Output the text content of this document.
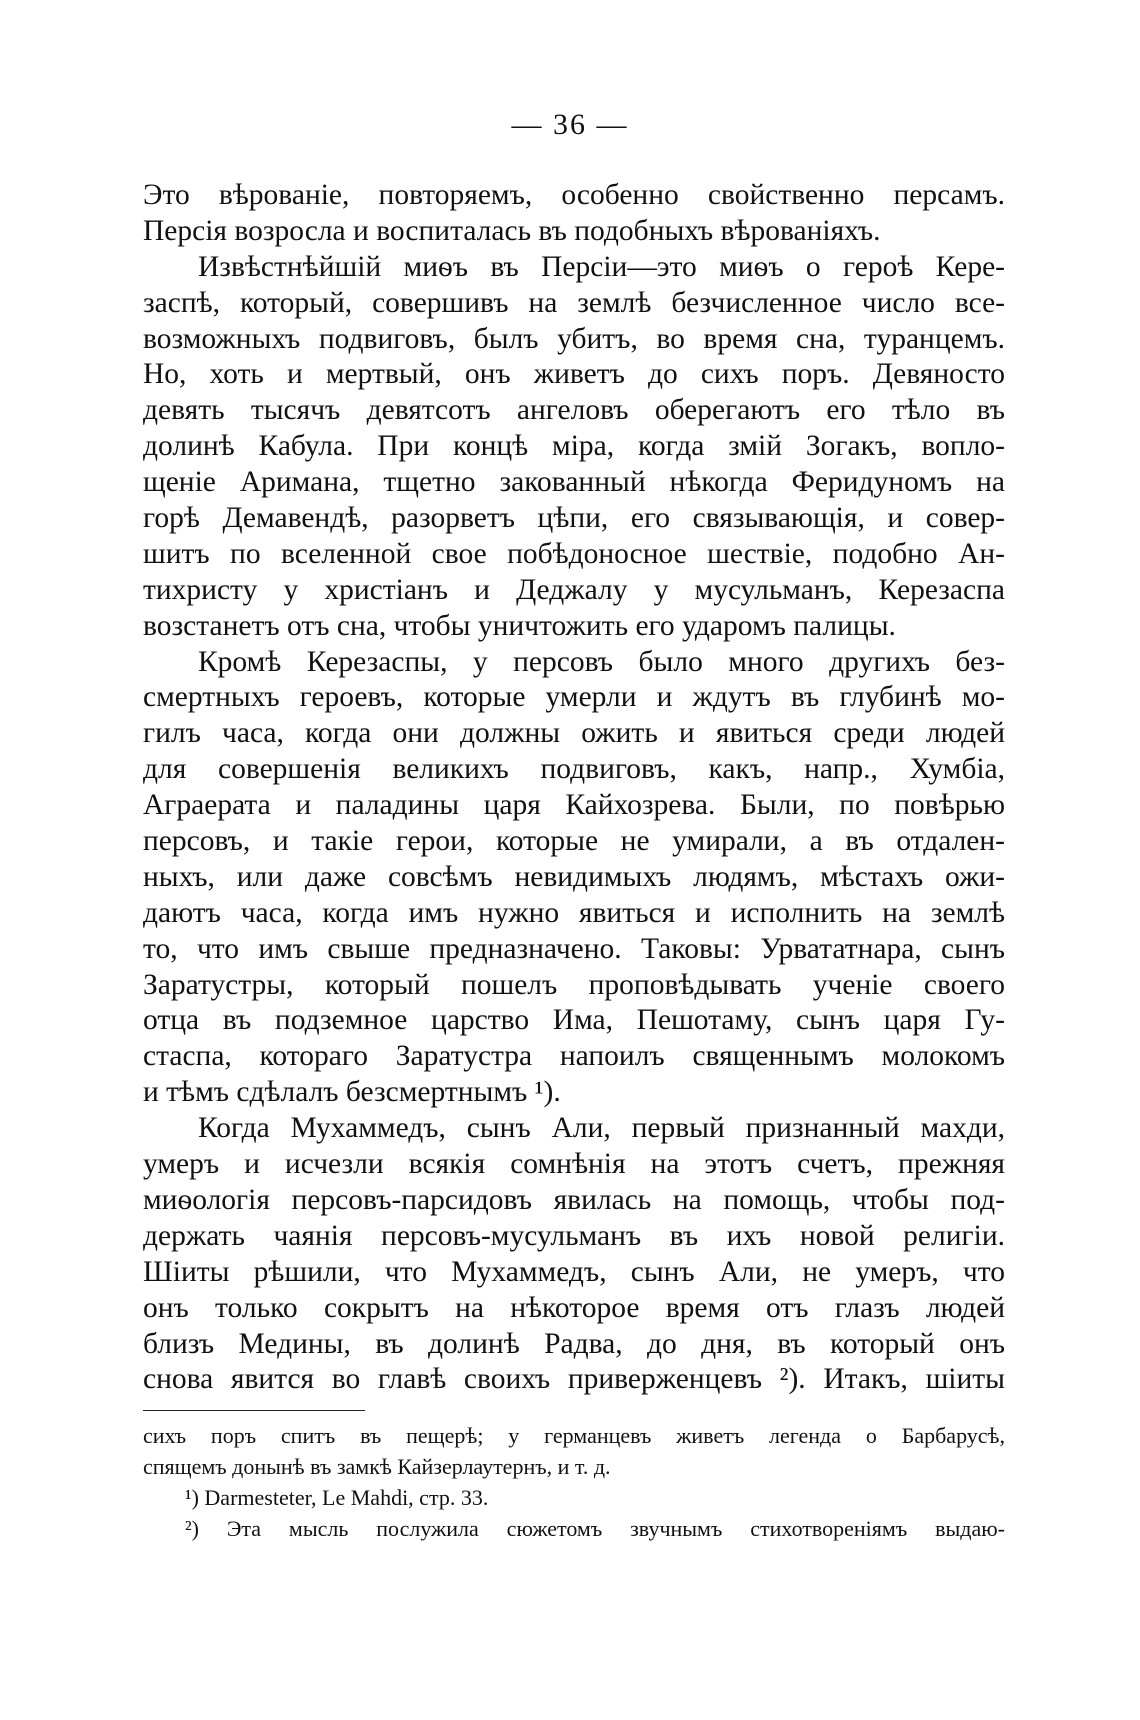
— 36 —
Это вѣрованіе, повторяемъ, особенно свойственно персамъ.
Персія возросла и воспиталась въ подобныхъ вѣрованіяхъ.
Извѣстнѣйшій миѳъ въ Персіи—это миѳъ о героѣ Кере-
заспѣ, который, совершивъ на землѣ безчисленное число все-
возможныхъ подвиговъ, былъ убитъ, во время сна, туранцемъ.
Но, хоть и мертвый, онъ живетъ до сихъ поръ. Девяносто
девять тысячъ девятсотъ ангеловъ оберегаютъ его тѣло въ
долинѣ Кабула. При концѣ міра, когда змій Зогакъ, вопло-
щеніе Аримана, тщетно закованный нѣкогда Феридуномъ на
горѣ Демавендѣ, разорветъ цѣпи, его связывающія, и совер-
шитъ по вселенной свое побѣдоносное шествіе, подобно Ан-
тихристу у христіанъ и Деджалу у мусульманъ, Керезаспа
возстанетъ отъ сна, чтобы уничтожить его ударомъ палицы.
Кромѣ Керезаспы, у персовъ было много другихъ без-
смертныхъ героевъ, которые умерли и ждутъ въ глубинѣ мо-
гилъ часа, когда они должны ожить и явиться среди людей
для совершенія великихъ подвиговъ, какъ, напр., Хумбіа,
Аграерата и паладины царя Кайхозрева. Были, по повѣрью
персовъ, и такіе герои, которые не умирали, а въ отдален-
ныхъ, или даже совсѣмъ невидимыхъ людямъ, мѣстахъ ожи-
даютъ часа, когда имъ нужно явиться и исполнить на землѣ
то, что имъ свыше предназначено. Таковы: Урвататнара, сынъ
Заратустры, который пошелъ проповѣдывать ученіе своего
отца въ подземное царство Има, Пешотаму, сынъ царя Гу-
стаспа, котораго Заратустра напоилъ священнымъ молокомъ
и тѣмъ сдѣлалъ безсмертнымъ ¹).
Когда Мухаммедъ, сынъ Али, первый признанный махди,
умеръ и исчезли всякія сомнѣнія на этотъ счетъ, прежняя
миѳологія персовъ-парсидовъ явилась на помощь, чтобы под-
держать чаянія персовъ-мусульманъ въ ихъ новой религіи.
Шіиты рѣшили, что Мухаммедъ, сынъ Али, не умеръ, что
онъ только сокрытъ на нѣкоторое время отъ глазъ людей
близъ Медины, въ долинѣ Радва, до дня, въ который онъ
снова явится во главѣ своихъ приверженцевъ ²). Итакъ, шіиты
сихъ поръ спитъ въ пещерѣ; у германцевъ живетъ легенда о Барбарусѣ,
спящемъ донынѣ въ замкѣ Кайзерлаутернъ, и т. д.
¹) Darmesteter, Le Mahdi, стр. 33.
²) Эта мысль послужила сюжетомъ звучнымъ стихотвореніямъ выдаю-
